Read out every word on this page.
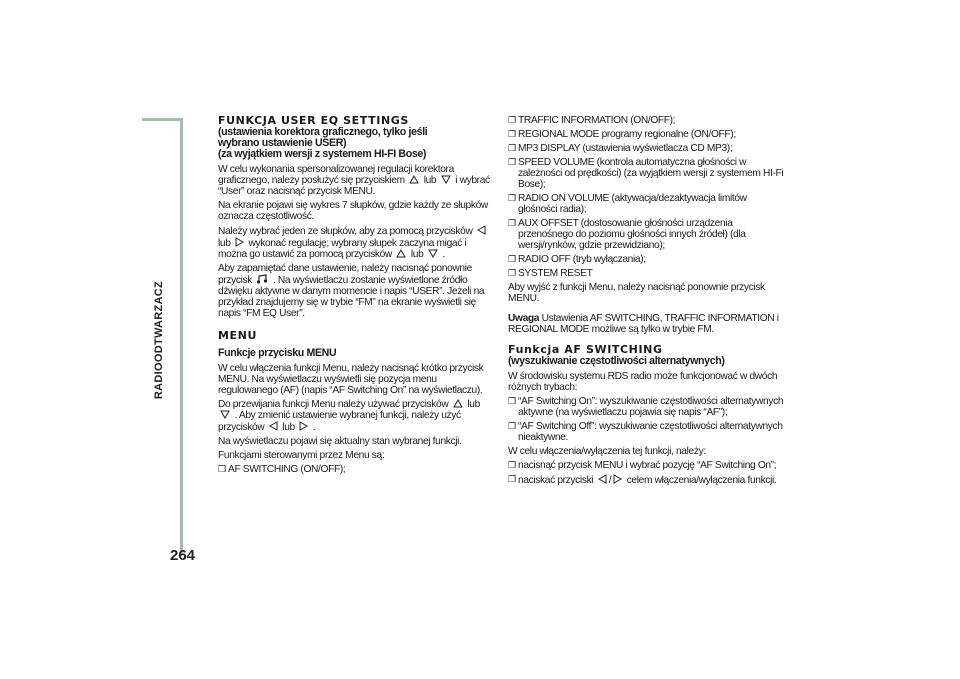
RADIOODTWARZACZ
264
FUNKCJA USER EQ SETTINGS
(ustawienia korektora graficznego, tylko jeśli
wybrano ustawienie USER)
(za wyjątkiem wersji z systemem HI-FI Bose)

W celu wykonania spersonalizowanej regulacji korektora graficznego, należy posłużyć się przyciskiem lub i wybrać “User” oraz nacisnąć przycisk MENU.

Na ekranie pojawi się wykres 7 słupków, gdzie każdy ze słupków oznacza częstotliwość.

Należy wybrać jeden ze słupków, aby za pomocą przycisków  lub wykonać regulację; wybrany słupek zaczyna migać i można go ustawić za pomocą przycisków lub .

Aby zapamiętać dane ustawienie, należy nacisnąć ponownie przycisk . Na wyświetlaczu zostanie wyświetlone źródło dźwięku aktywne w danym momencie i napis “USER”. Jeżeli na przykład znajdujemy się w trybie “FM” na ekranie wyświetli się napis “FM EQ User”.

MENU
Funkcje przycisku MENU

W celu włączenia funkcji Menu, należy nacisnąć krótko przycisk MENU. Na wyświetlaczu wyświetli się pozycja menu regulowanego (AF) (napis “AF Switching On” na wyświetlaczu).

Do przewijania funkcji Menu należy używać przycisków lub  . Aby zmienić ustawienie wybranej funkcji, należy użyć przycisków lub .

Na wyświetlaczu pojawi się aktualny stan wybranej funkcji.

Funkcjami sterowanymi przez Menu są:

❒ AF SWITCHING (ON/OFF);
❒ TRAFFIC INFORMATION (ON/OFF);
❒ REGIONAL MODE programy regionalne (ON/OFF);
❒ MP3 DISPLAY (ustawienia wyświetlacza CD MP3);
❒ SPEED VOLUME (kontrola automatyczna głośności w zależności od prędkości) (za wyjątkiem wersji z systemem HI-Fi Bose);
❒ RADIO ON VOLUME (aktywacja/dezaktywacja limitów głośności radia);
❒ AUX OFFSET (dostosowanie głośności urządzenia przenośnego do poziomu głośności innych źródeł) (dla wersji/rynków, gdzie przewidziano);
❒ RADIO OFF (tryb wyłączania);
❒ SYSTEM RESET

Aby wyjść z funkcji Menu, należy nacisnąć ponownie przycisk MENU.

Uwaga Ustawienia AF SWITCHING, TRAFFIC INFORMATION i REGIONAL MODE możliwe są tylko w trybie FM.

Funkcja AF SWITCHING
(wyszukiwanie częstotliwości alternatywnych)

W środowisku systemu RDS radio może funkcjonować w dwóch różnych trybach:

❒ “AF Switching On”: wyszukiwanie częstotliwości alternatywnych aktywne (na wyświetlaczu pojawia się napis “AF”);
❒ “AF Switching Off”: wyszukiwanie częstotliwości alternatywnych nieaktywne.

W celu włączenia/wyłączenia tej funkcji, należy:

❒ nacisnąć przycisk MENU i wybrać pozycję “AF Switching On”;
❒ naciskać przyciski / celem włączenia/wyłączenia funkcji.
